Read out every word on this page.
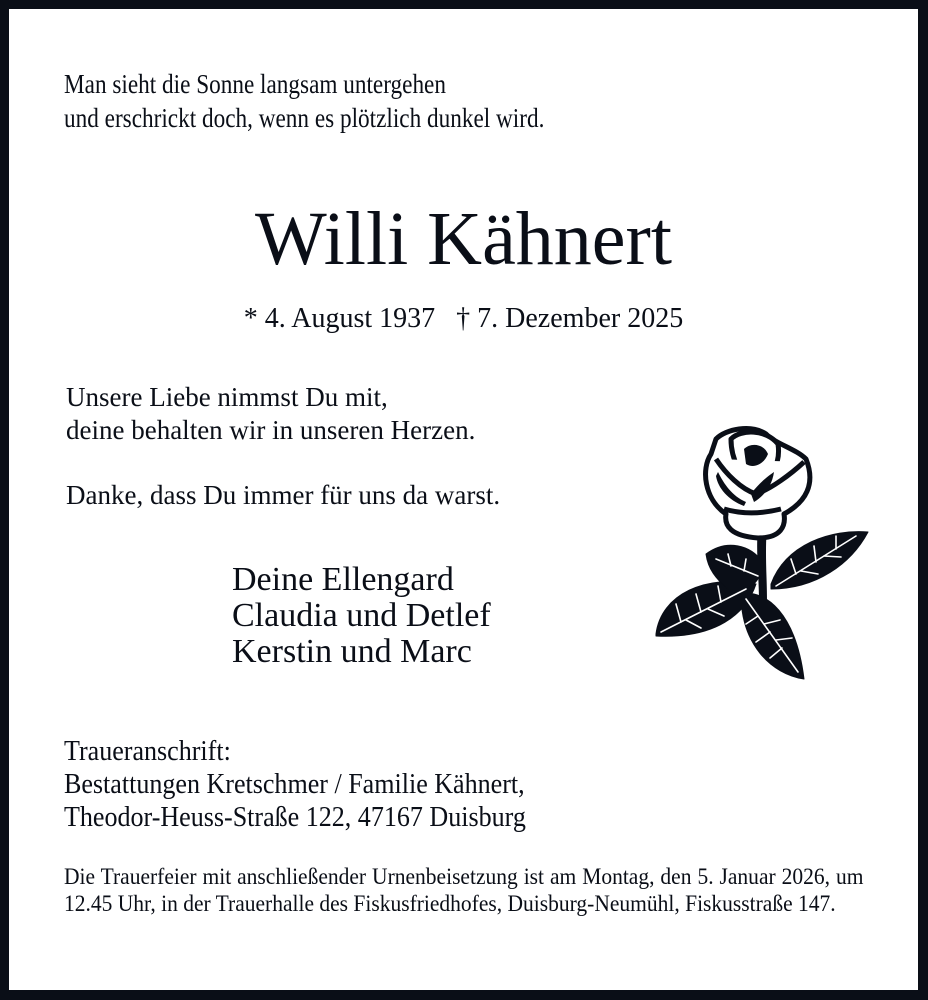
Man sieht die Sonne langsam untergehen
und erschrickt doch, wenn es plötzlich dunkel wird.
Willi Kähnert
* 4. August 1937 † 7. Dezember 2025
Unsere Liebe nimmst Du mit,
deine behalten wir in unseren Herzen.
Danke, dass Du immer für uns da warst.
Deine Ellengard
Claudia und Detlef
Kerstin und Marc
Traueranschrift:
Bestattungen Kretschmer / Familie Kähnert,
Theodor-Heuss-Straße 122, 47167 Duisburg
Die Trauerfeier mit anschließender Urnenbeisetzung ist am Montag, den 5. Januar 2026, um 12.45 Uhr, in der Trauerhalle des Fiskusfriedhofes, Duisburg-Neumühl, Fiskusstraße 147.
